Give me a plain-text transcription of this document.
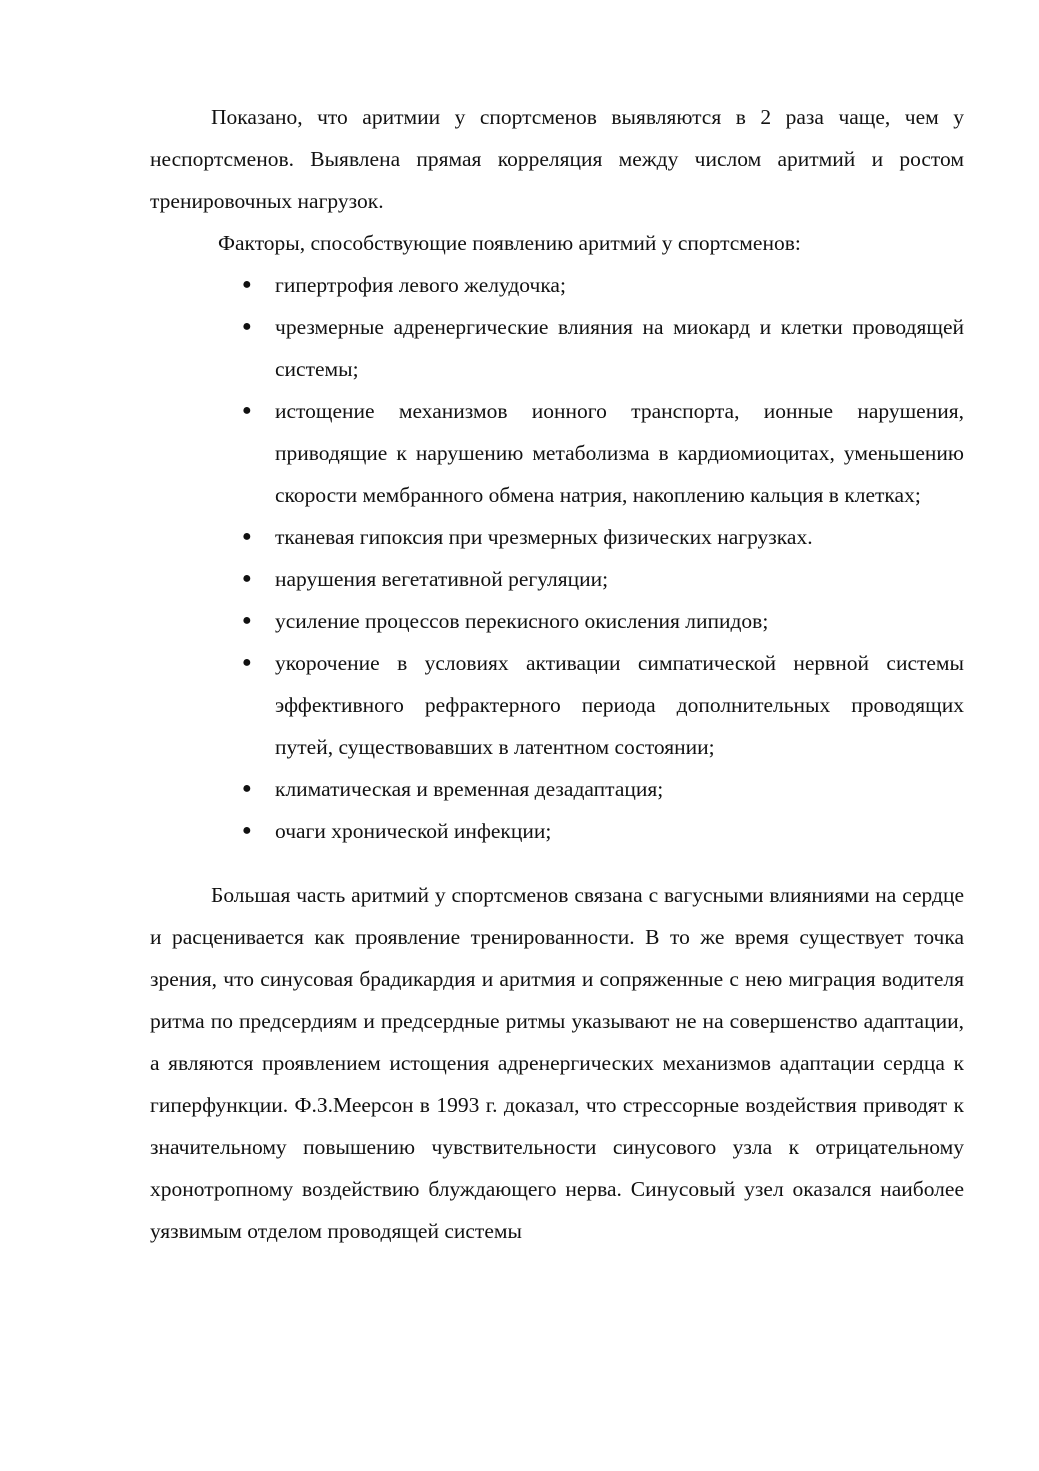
Показано, что аритмии у спортсменов выявляются в 2 раза чаще, чем у неспортсменов. Выявлена прямая корреляция между числом аритмий и ростом тренировочных нагрузок.

Факторы, способствующие появлению аритмий у спортсменов:

● гипертрофия левого желудочка;
● чрезмерные адренергические влияния на миокард и клетки проводящей системы;
● истощение механизмов ионного транспорта, ионные нарушения, приводящие к нарушению метаболизма в кардиомиоцитах, уменьшению скорости мембранного обмена натрия, накоплению кальция в клетках;
● тканевая гипоксия при чрезмерных физических нагрузках.
● нарушения вегетативной регуляции;
● усиление процессов перекисного окисления липидов;
● укорочение в условиях активации симпатической нервной системы эффективного рефрактерного периода дополнительных проводящих путей, существовавших в латентном состоянии;
● климатическая и временная дезадаптация;
● очаги хронической инфекции;

Большая часть аритмий у спортсменов связана с вагусными влияниями на сердце и расценивается как проявление тренированности. В то же время существует точка зрения, что синусовая брадикардия и аритмия и сопряженные с нею миграция водителя ритма по предсердиям и предсердные ритмы указывают не на совершенство адаптации, а являются проявлением истощения адренергических механизмов адаптации сердца к гиперфункции. Ф.З.Меерсон в 1993 г. доказал, что стрессорные воздействия приводят к значительному повышению чувствительности синусового узла к отрицательному хронотропному воздействию блуждающего нерва. Синусовый узел оказался наиболее уязвимым отделом проводящей системы
